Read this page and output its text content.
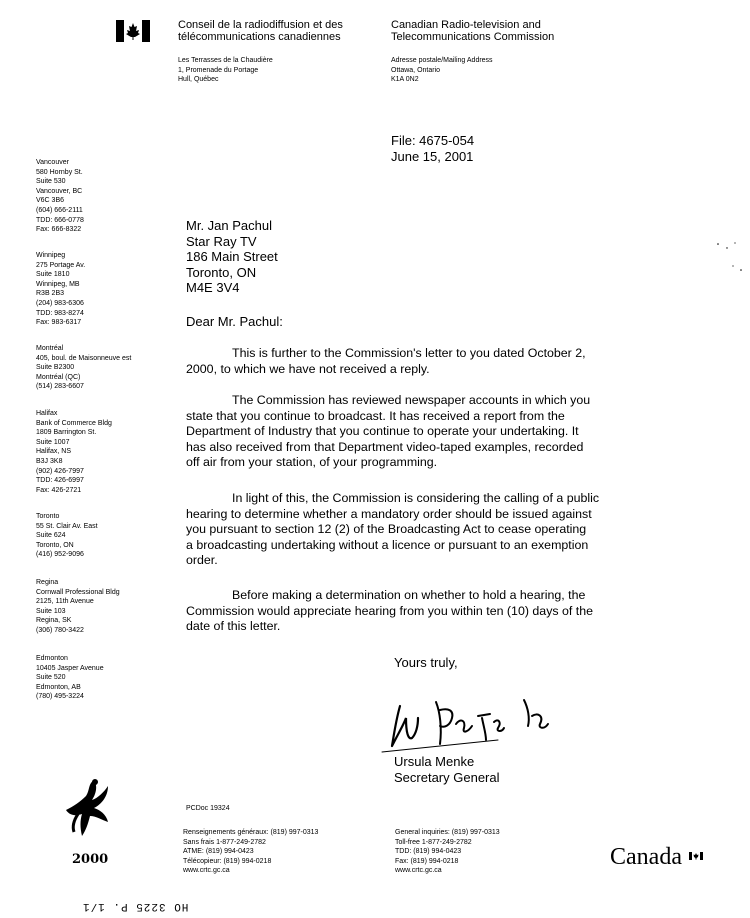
Conseil de la radiodiffusion et des
télécommunications canadiennes
Canadian Radio-television and
Telecommunications Commission
Les Terrasses de la Chaudière
1, Promenade du Portage
Hull, Québec
Adresse postale/Mailing Address
Ottawa, Ontario
K1A 0N2
File: 4675-054
June 15, 2001
Vancouver
580 Hornby St.
Suite 530
Vancouver, BC
V6C 3B6
(604) 666-2111
TDD: 666-0778
Fax: 666-8322
Winnipeg
275 Portage Av.
Suite 1810
Winnipeg, MB
R3B 2B3
(204) 983-6306
TDD: 983-8274
Fax: 983-6317
Montréal
405, boul. de Maisonneuve est
Suite B2300
Montréal (QC)
(514) 283-6607
Halifax
Bank of Commerce Bldg
1809 Barrington St.
Suite 1007
Halifax, NS
B3J 3K8
(902) 426-7997
TDD: 426-6997
Fax: 426-2721
Toronto
55 St. Clair Av. East
Suite 624
Toronto, ON
(416) 952-9096
Regina
Cornwall Professional Bldg
2125, 11th Avenue
Suite 103
Regina, SK
(306) 780-3422
Edmonton
10405 Jasper Avenue
Suite 520
Edmonton, AB
(780) 495-3224
Mr. Jan Pachul
Star Ray TV
186 Main Street
Toronto, ON
M4E 3V4
Dear Mr. Pachul:
This is further to the Commission's letter to you dated October 2,
2000, to which we have not received a reply.
The Commission has reviewed newspaper accounts in which you
state that you continue to broadcast. It has received a report from the
Department of Industry that you continue to operate your undertaking. It
has also received from that Department video-taped examples, recorded
off air from your station, of your programming.
In light of this, the Commission is considering the calling of a public
hearing to determine whether a mandatory order should be issued against
you pursuant to section 12 (2) of the Broadcasting Act to cease operating
a broadcasting undertaking without a licence or pursuant to an exemption
order.
Before making a determination on whether to hold a hearing, the
Commission would appreciate hearing from you within ten (10) days of the
date of this letter.
Yours truly,
Ursula Menke
Secretary General
2000
PCDoc 19324
Renseignements généraux: (819) 997-0313
Sans frais 1-877-249-2782
ATME: (819) 994-0423
Télécopieur: (819) 994-0218
www.crtc.gc.ca
General inquiries: (819) 997-0313
Toll-free 1-877-249-2782
TDD: (819) 994-0423
Fax: (819) 994-0218
www.crtc.gc.ca
Canada
HO 3225 P. 1/1
